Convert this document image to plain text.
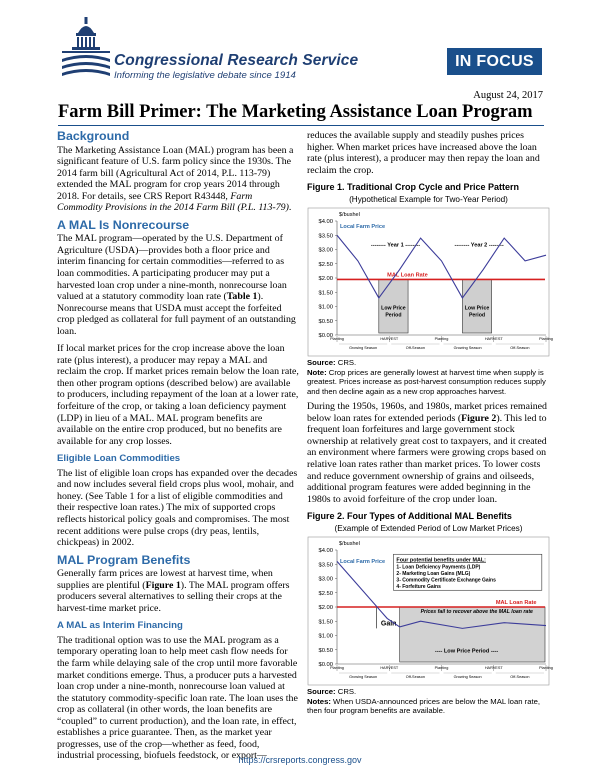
Congressional Research Service
Informing the legislative debate since 1914
IN FOCUS
August 24, 2017
Farm Bill Primer: The Marketing Assistance Loan Program
Background

The Marketing Assistance Loan (MAL) program has been a significant feature of U.S. farm policy since the 1930s. The 2014 farm bill (Agricultural Act of 2014, P.L. 113-79) extended the MAL program for crop years 2014 through 2018. For details, see CRS Report R43448, Farm Commodity Provisions in the 2014 Farm Bill (P.L. 113-79).

A MAL Is Nonrecourse

The MAL program—operated by the U.S. Department of Agriculture (USDA)—provides both a floor price and interim financing for certain commodities—referred to as loan commodities. A participating producer may put a harvested loan crop under a nine-month, nonrecourse loan valued at a statutory commodity loan rate (Table 1). Nonrecourse means that USDA must accept the forfeited crop pledged as collateral for full payment of an outstanding loan.

If local market prices for the crop increase above the loan rate (plus interest), a producer may repay a MAL and reclaim the crop. If market prices remain below the loan rate, then other program options (described below) are available to producers, including repayment of the loan at a lower rate, forfeiture of the crop, or taking a loan deficiency payment (LDP) in lieu of a MAL. MAL program benefits are available on the entire crop produced, but no benefits are available for any crop losses.

Eligible Loan Commodities

The list of eligible loan crops has expanded over the decades and now includes several field crops plus wool, mohair, and honey. (See Table 1 for a list of eligible commodities and their respective loan rates.) The mix of supported crops reflects historical policy goals and compromises. The most recent additions were pulse crops (dry peas, lentils, chickpeas) in 2002.

MAL Program Benefits

Generally farm prices are lowest at harvest time, when supplies are plentiful (Figure 1). The MAL program offers producers several alternatives to selling their crops at the harvest-time market price.

A MAL as Interim Financing

The traditional option was to use the MAL program as a temporary operating loan to help meet cash flow needs for the farm while delaying sale of the crop until more favorable market conditions emerge. Thus, a producer puts a harvested loan crop under a nine-month, nonrecourse loan valued at the statutory commodity-specific loan rate. The loan uses the crop as collateral (in other words, the loan benefits are “coupled” to current production), and the loan rate, in effect, establishes a price guarantee. Then, as the market year progresses, use of the crop—whether as feed, food, industrial processing, biofuels feedstock, or export—

reduces the available supply and steadily pushes prices higher. When market prices have increased above the loan rate (plus interest), a producer may then repay the loan and reclaim the crop.

Figure 1. Traditional Crop Cycle and Price Pattern
(Hypothetical Example for Two-Year Period)
$/bushel
$0.00
$0.50
$1.00
$1.50
$2.00
$2.50
$3.00
$3.50
$4.00
Planting	HARVEST	Planting	HARVEST	Planting
Growing Season	Off-Season	Growing Season	Off-Season
Low Price
Period
Low Price
Period
-------- Year 1 --------	-------- Year 2 --------
MAL Loan Rate
Local Farm Price
Source: CRS.
Note: Crop prices are generally lowest at harvest time when supply is greatest. Prices increase as post-harvest consumption reduces supply and then decline again as a new crop approaches harvest.

During the 1950s, 1960s, and 1980s, market prices remained below loan rates for extended periods (Figure 2). This led to frequent loan forfeitures and large government stock ownership at relatively great cost to taxpayers, and it created an environment where farmers were growing crops based on relative loan rates rather than market prices. To lower costs and reduce government ownership of grains and oilseeds, additional program features were added beginning in the 1980s to avoid forfeiture of the crop under loan.

Figure 2. Four Types of Additional MAL Benefits
(Example of Extended Period of Low Market Prices)
$/bushel
$0.00
$0.50
$1.00
$1.50
$2.00
$2.50
$3.00
$3.50
$4.00
Planting	HARVEST	Planting	HARVEST	Planting
Growing Season	Off-Season	Growing Season	Off-Season
Four potential benefits under MAL:
1- Loan Deficiency Payments (LDP)
2- Marketing Loan Gains (MLG)
3- Commodity Certificate Exchange Gains
4- Forfeiture Gains
Gain
Prices fail to recover above the MAL loan rate
---- Low Price Period ----
MAL Loan Rate
Local Farm Price
Source: CRS.
Notes: When USDA-announced prices are below the MAL loan rate, then four program benefits are available.
https://crsreports.congress.gov
